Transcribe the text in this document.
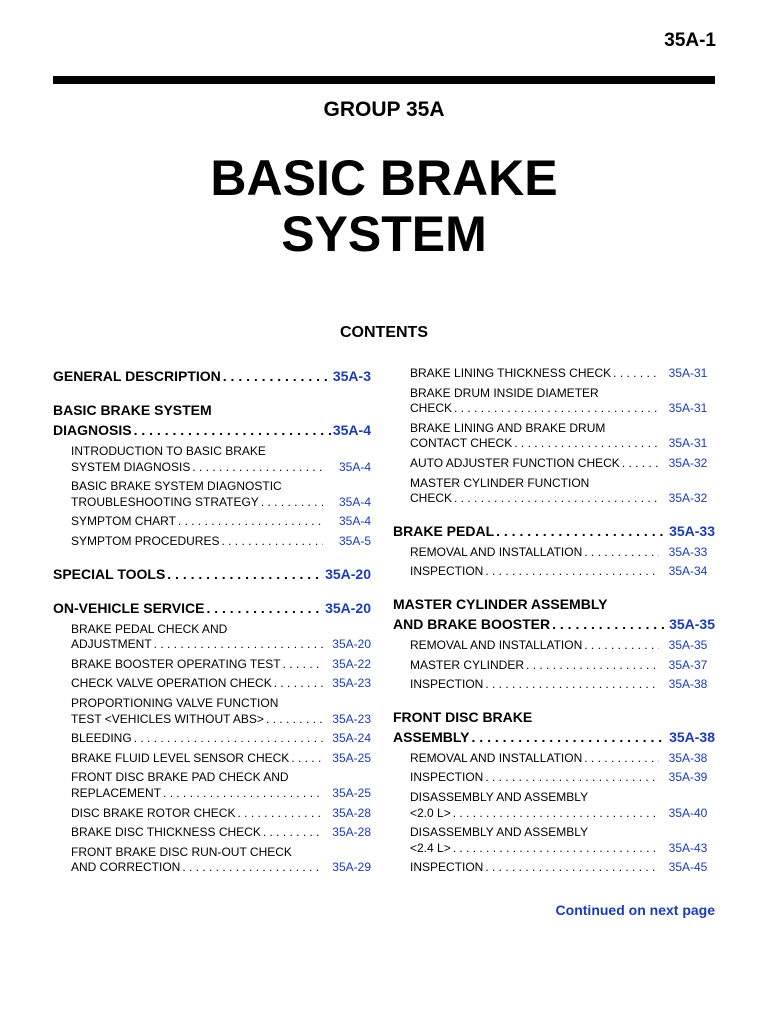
35A-1
GROUP 35A
BASIC BRAKE
SYSTEM
CONTENTS
GENERAL DESCRIPTION . . .	35A-3
BASIC BRAKE SYSTEM
DIAGNOSIS . . .	35A-4
INTRODUCTION TO BASIC BRAKE
SYSTEM DIAGNOSIS . . .	35A-4
BASIC BRAKE SYSTEM DIAGNOSTIC
TROUBLESHOOTING STRATEGY . . .	35A-4
SYMPTOM CHART . . .	35A-4
SYMPTOM PROCEDURES . . .	35A-5
SPECIAL TOOLS . . .	35A-20
ON-VEHICLE SERVICE . . .	35A-20
BRAKE PEDAL CHECK AND
ADJUSTMENT . . .	35A-20
BRAKE BOOSTER OPERATING TEST . . .	35A-22
CHECK VALVE OPERATION CHECK . . .	35A-23
PROPORTIONING VALVE FUNCTION
TEST <VEHICLES WITHOUT ABS> . . .	35A-23
BLEEDING . . .	35A-24
BRAKE FLUID LEVEL SENSOR CHECK . . .	35A-25
FRONT DISC BRAKE PAD CHECK AND
REPLACEMENT . . .	35A-25
DISC BRAKE ROTOR CHECK . . .	35A-28
BRAKE DISC THICKNESS CHECK . . .	35A-28
FRONT BRAKE DISC RUN-OUT CHECK
AND CORRECTION . . .	35A-29
BRAKE LINING THICKNESS CHECK . . .	35A-31
BRAKE DRUM INSIDE DIAMETER
CHECK . . .	35A-31
BRAKE LINING AND BRAKE DRUM
CONTACT CHECK . . .	35A-31
AUTO ADJUSTER FUNCTION CHECK . . .	35A-32
MASTER CYLINDER FUNCTION
CHECK . . .	35A-32
BRAKE PEDAL . . .	35A-33
REMOVAL AND INSTALLATION . . .	35A-33
INSPECTION . . .	35A-34
MASTER CYLINDER ASSEMBLY
AND BRAKE BOOSTER . . .	35A-35
REMOVAL AND INSTALLATION . . .	35A-35
MASTER CYLINDER . . .	35A-37
INSPECTION . . .	35A-38
FRONT DISC BRAKE
ASSEMBLY . . .	35A-38
REMOVAL AND INSTALLATION . . .	35A-38
INSPECTION . . .	35A-39
DISASSEMBLY AND ASSEMBLY
<2.0 L> . . .	35A-40
DISASSEMBLY AND ASSEMBLY
<2.4 L> . . .	35A-43
INSPECTION . . .	35A-45
Continued on next page
